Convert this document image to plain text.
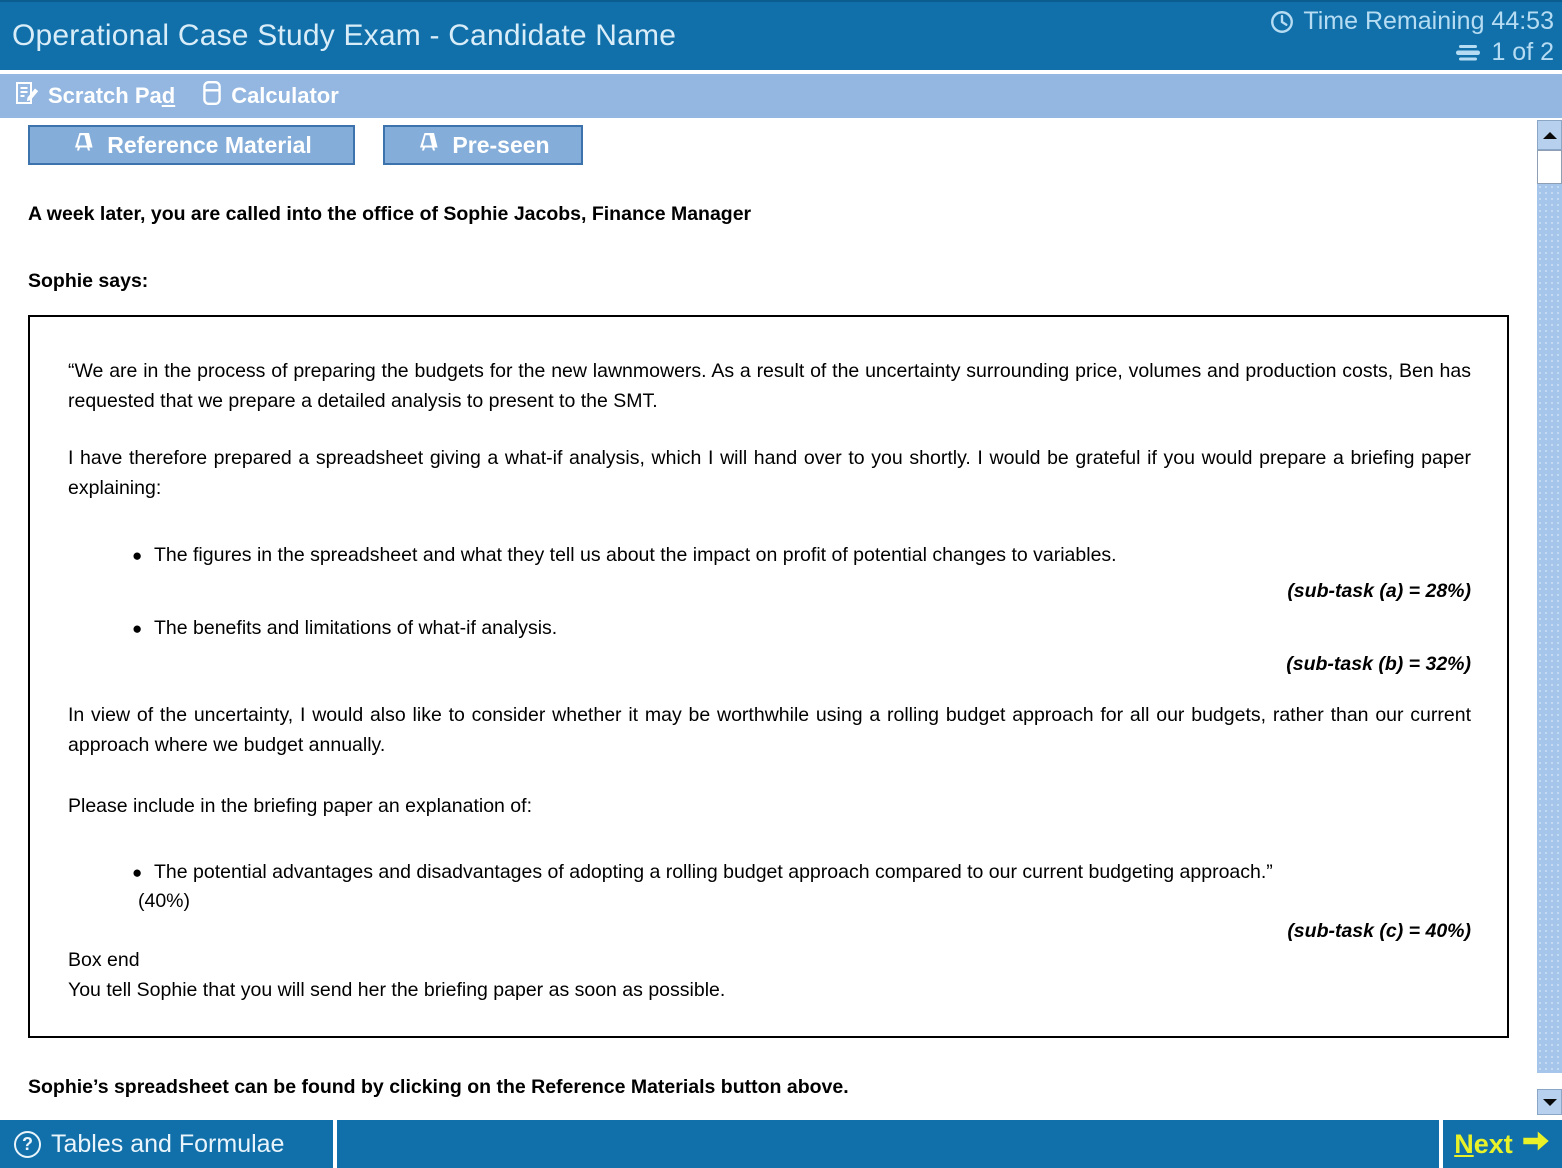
Operational Case Study Exam - Candidate Name	Time Remaining 44:53
1 of 2
Scratch Pad	Calculator
Reference Material	Pre-seen
A week later, you are called into the office of Sophie Jacobs, Finance Manager
Sophie says:

“We are in the process of preparing the budgets for the new lawnmowers. As a result of the uncertainty surrounding price, volumes and production costs, Ben has requested that we prepare a detailed analysis to present to the SMT.

I have therefore prepared a spreadsheet giving a what-if analysis, which I will hand over to you shortly. I would be grateful if you would prepare a briefing paper explaining:

● The figures in the spreadsheet and what they tell us about the impact on profit of potential changes to variables.
(sub-task (a) = 28%)
● The benefits and limitations of what-if analysis.
(sub-task (b) = 32%)

In view of the uncertainty, I would also like to consider whether it may be worthwhile using a rolling budget approach for all our budgets, rather than our current approach where we budget annually.

Please include in the briefing paper an explanation of:

● The potential advantages and disadvantages of adopting a rolling budget approach compared to our current budgeting approach.”
(40%)
(sub-task (c) = 40%)
Box end
You tell Sophie that you will send her the briefing paper as soon as possible.
Sophie’s spreadsheet can be found by clicking on the Reference Materials button above.
? Tables and Formulae	Next
